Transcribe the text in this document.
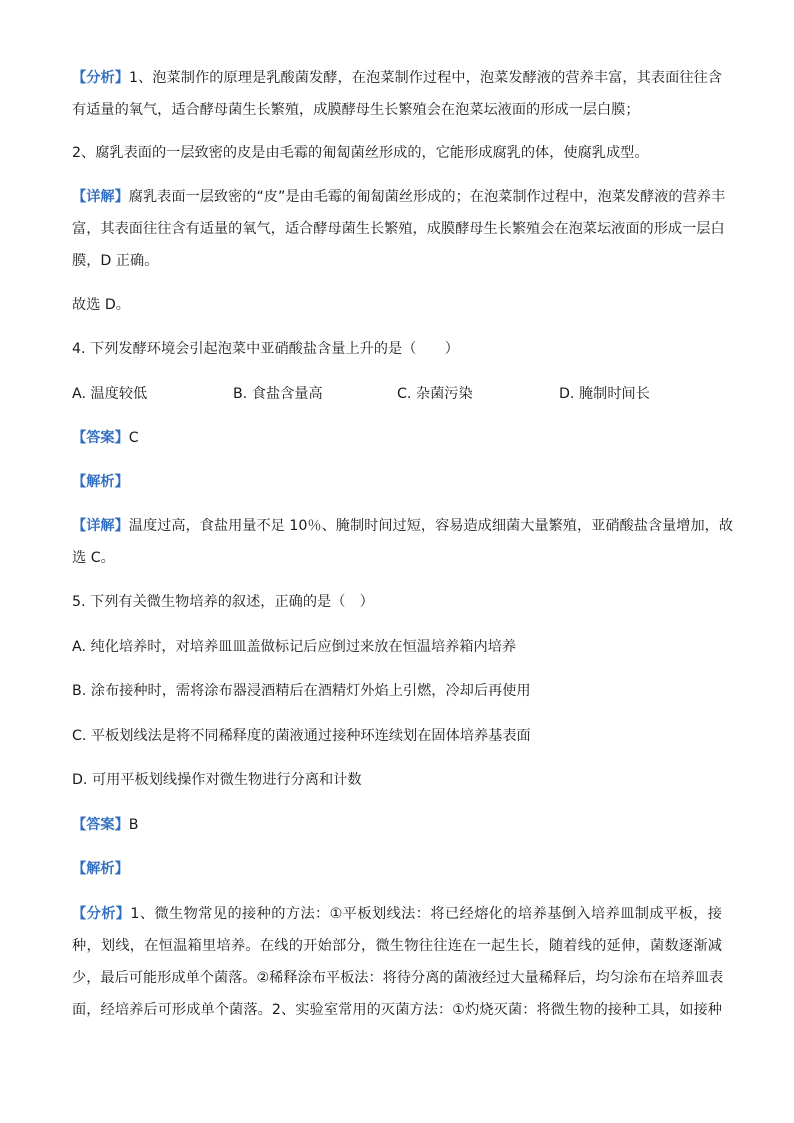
【分析】1、泡菜制作的原理是乳酸菌发酵，在泡菜制作过程中，泡菜发酵液的营养丰富，其表面往往含
有适量的氧气，适合酵母菌生长繁殖，成膜酵母生长繁殖会在泡菜坛液面的形成一层白膜；
2、腐乳表面的一层致密的皮是由毛霉的匍匐菌丝形成的，它能形成腐乳的体，使腐乳成型。
【详解】腐乳表面一层致密的“皮”是由毛霉的匍匐菌丝形成的；在泡菜制作过程中，泡菜发酵液的营养丰
富，其表面往往含有适量的氧气，适合酵母菌生长繁殖，成膜酵母生长繁殖会在泡菜坛液面的形成一层白
膜，D 正确。
故选 D。
4. 下列发酵环境会引起泡菜中亚硝酸盐含量上升的是（　　）
A. 温度较低	B. 食盐含量高	C. 杂菌污染	D. 腌制时间长
【答案】C
【解析】
【详解】温度过高，食盐用量不足 10％、腌制时间过短，容易造成细菌大量繁殖，亚硝酸盐含量增加，故
选 C。
5. 下列有关微生物培养的叙述，正确的是（　）
A. 纯化培养时，对培养皿皿盖做标记后应倒过来放在恒温培养箱内培养
B. 涂布接种时，需将涂布器浸酒精后在酒精灯外焰上引燃，冷却后再使用
C. 平板划线法是将不同稀释度的菌液通过接种环连续划在固体培养基表面
D. 可用平板划线操作对微生物进行分离和计数
【答案】B
【解析】
【分析】1、微生物常见的接种的方法：①平板划线法：将已经熔化的培养基倒入培养皿制成平板，接
种，划线，在恒温箱里培养。在线的开始部分，微生物往往连在一起生长，随着线的延伸，菌数逐渐减
少，最后可能形成单个菌落。②稀释涂布平板法：将待分离的菌液经过大量稀释后，均匀涂布在培养皿表
面，经培养后可形成单个菌落。2、实验室常用的灭菌方法：①灼烧灭菌：将微生物的接种工具，如接种
